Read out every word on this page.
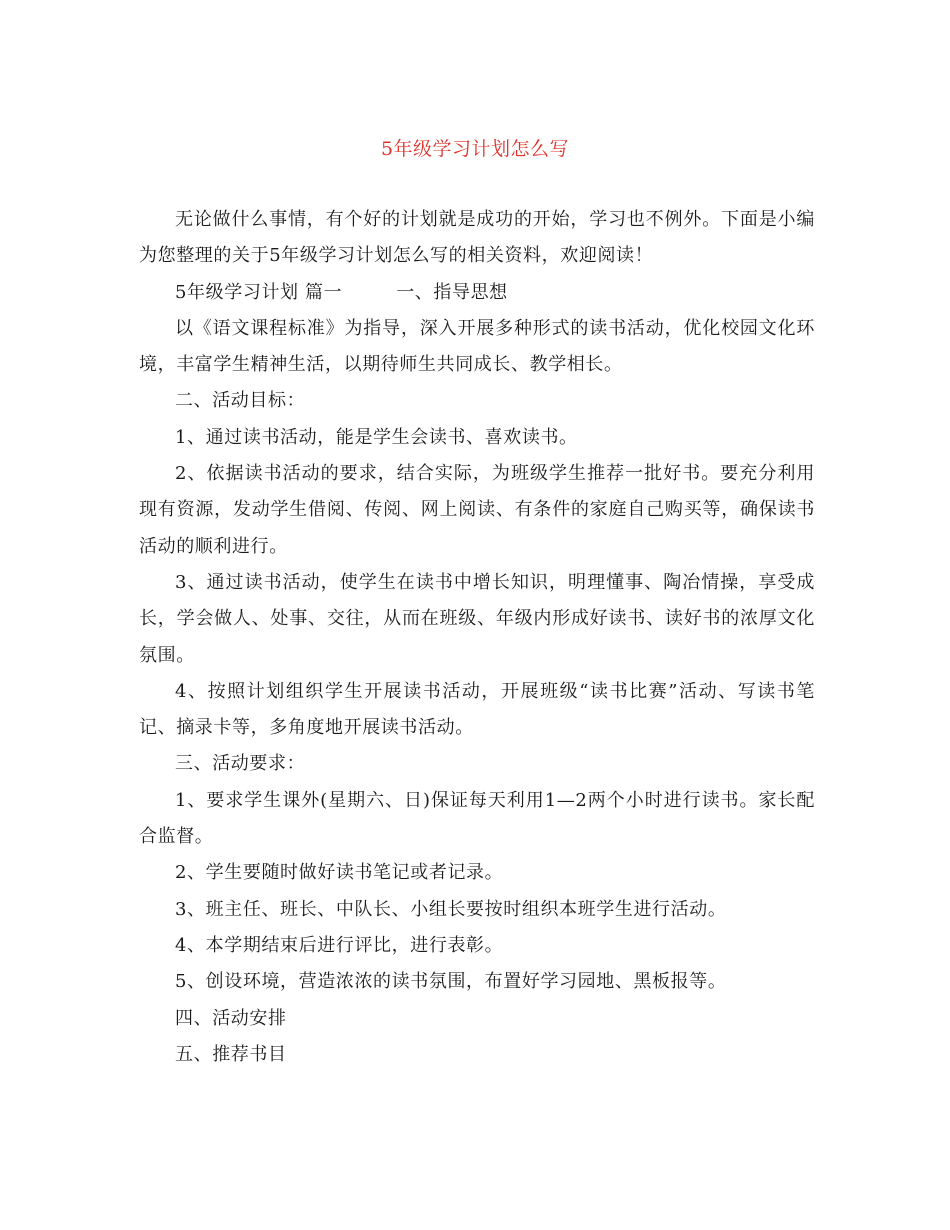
5年级学习计划怎么写

无论做什么事情，有个好的计划就是成功的开始，学习也不例外。下面是小编为您整理的关于5年级学习计划怎么写的相关资料，欢迎阅读！

5年级学习计划 篇一	一、指导思想

以《语文课程标准》为指导，深入开展多种形式的读书活动，优化校园文化环境，丰富学生精神生活，以期待师生共同成长、教学相长。

二、活动目标：

1、通过读书活动，能是学生会读书、喜欢读书。

2、依据读书活动的要求，结合实际，为班级学生推荐一批好书。要充分利用现有资源，发动学生借阅、传阅、网上阅读、有条件的家庭自己购买等，确保读书活动的顺利进行。

3、通过读书活动，使学生在读书中增长知识，明理懂事、陶冶情操，享受成长，学会做人、处事、交往，从而在班级、年级内形成好读书、读好书的浓厚文化氛围。

4、按照计划组织学生开展读书活动，开展班级“读书比赛”活动、写读书笔记、摘录卡等，多角度地开展读书活动。

三、活动要求：

1、要求学生课外(星期六、日)保证每天利用1—2两个小时进行读书。家长配合监督。

2、学生要随时做好读书笔记或者记录。

3、班主任、班长、中队长、小组长要按时组织本班学生进行活动。

4、本学期结束后进行评比，进行表彰。

5、创设环境，营造浓浓的读书氛围，布置好学习园地、黑板报等。

四、活动安排

五、推荐书目
